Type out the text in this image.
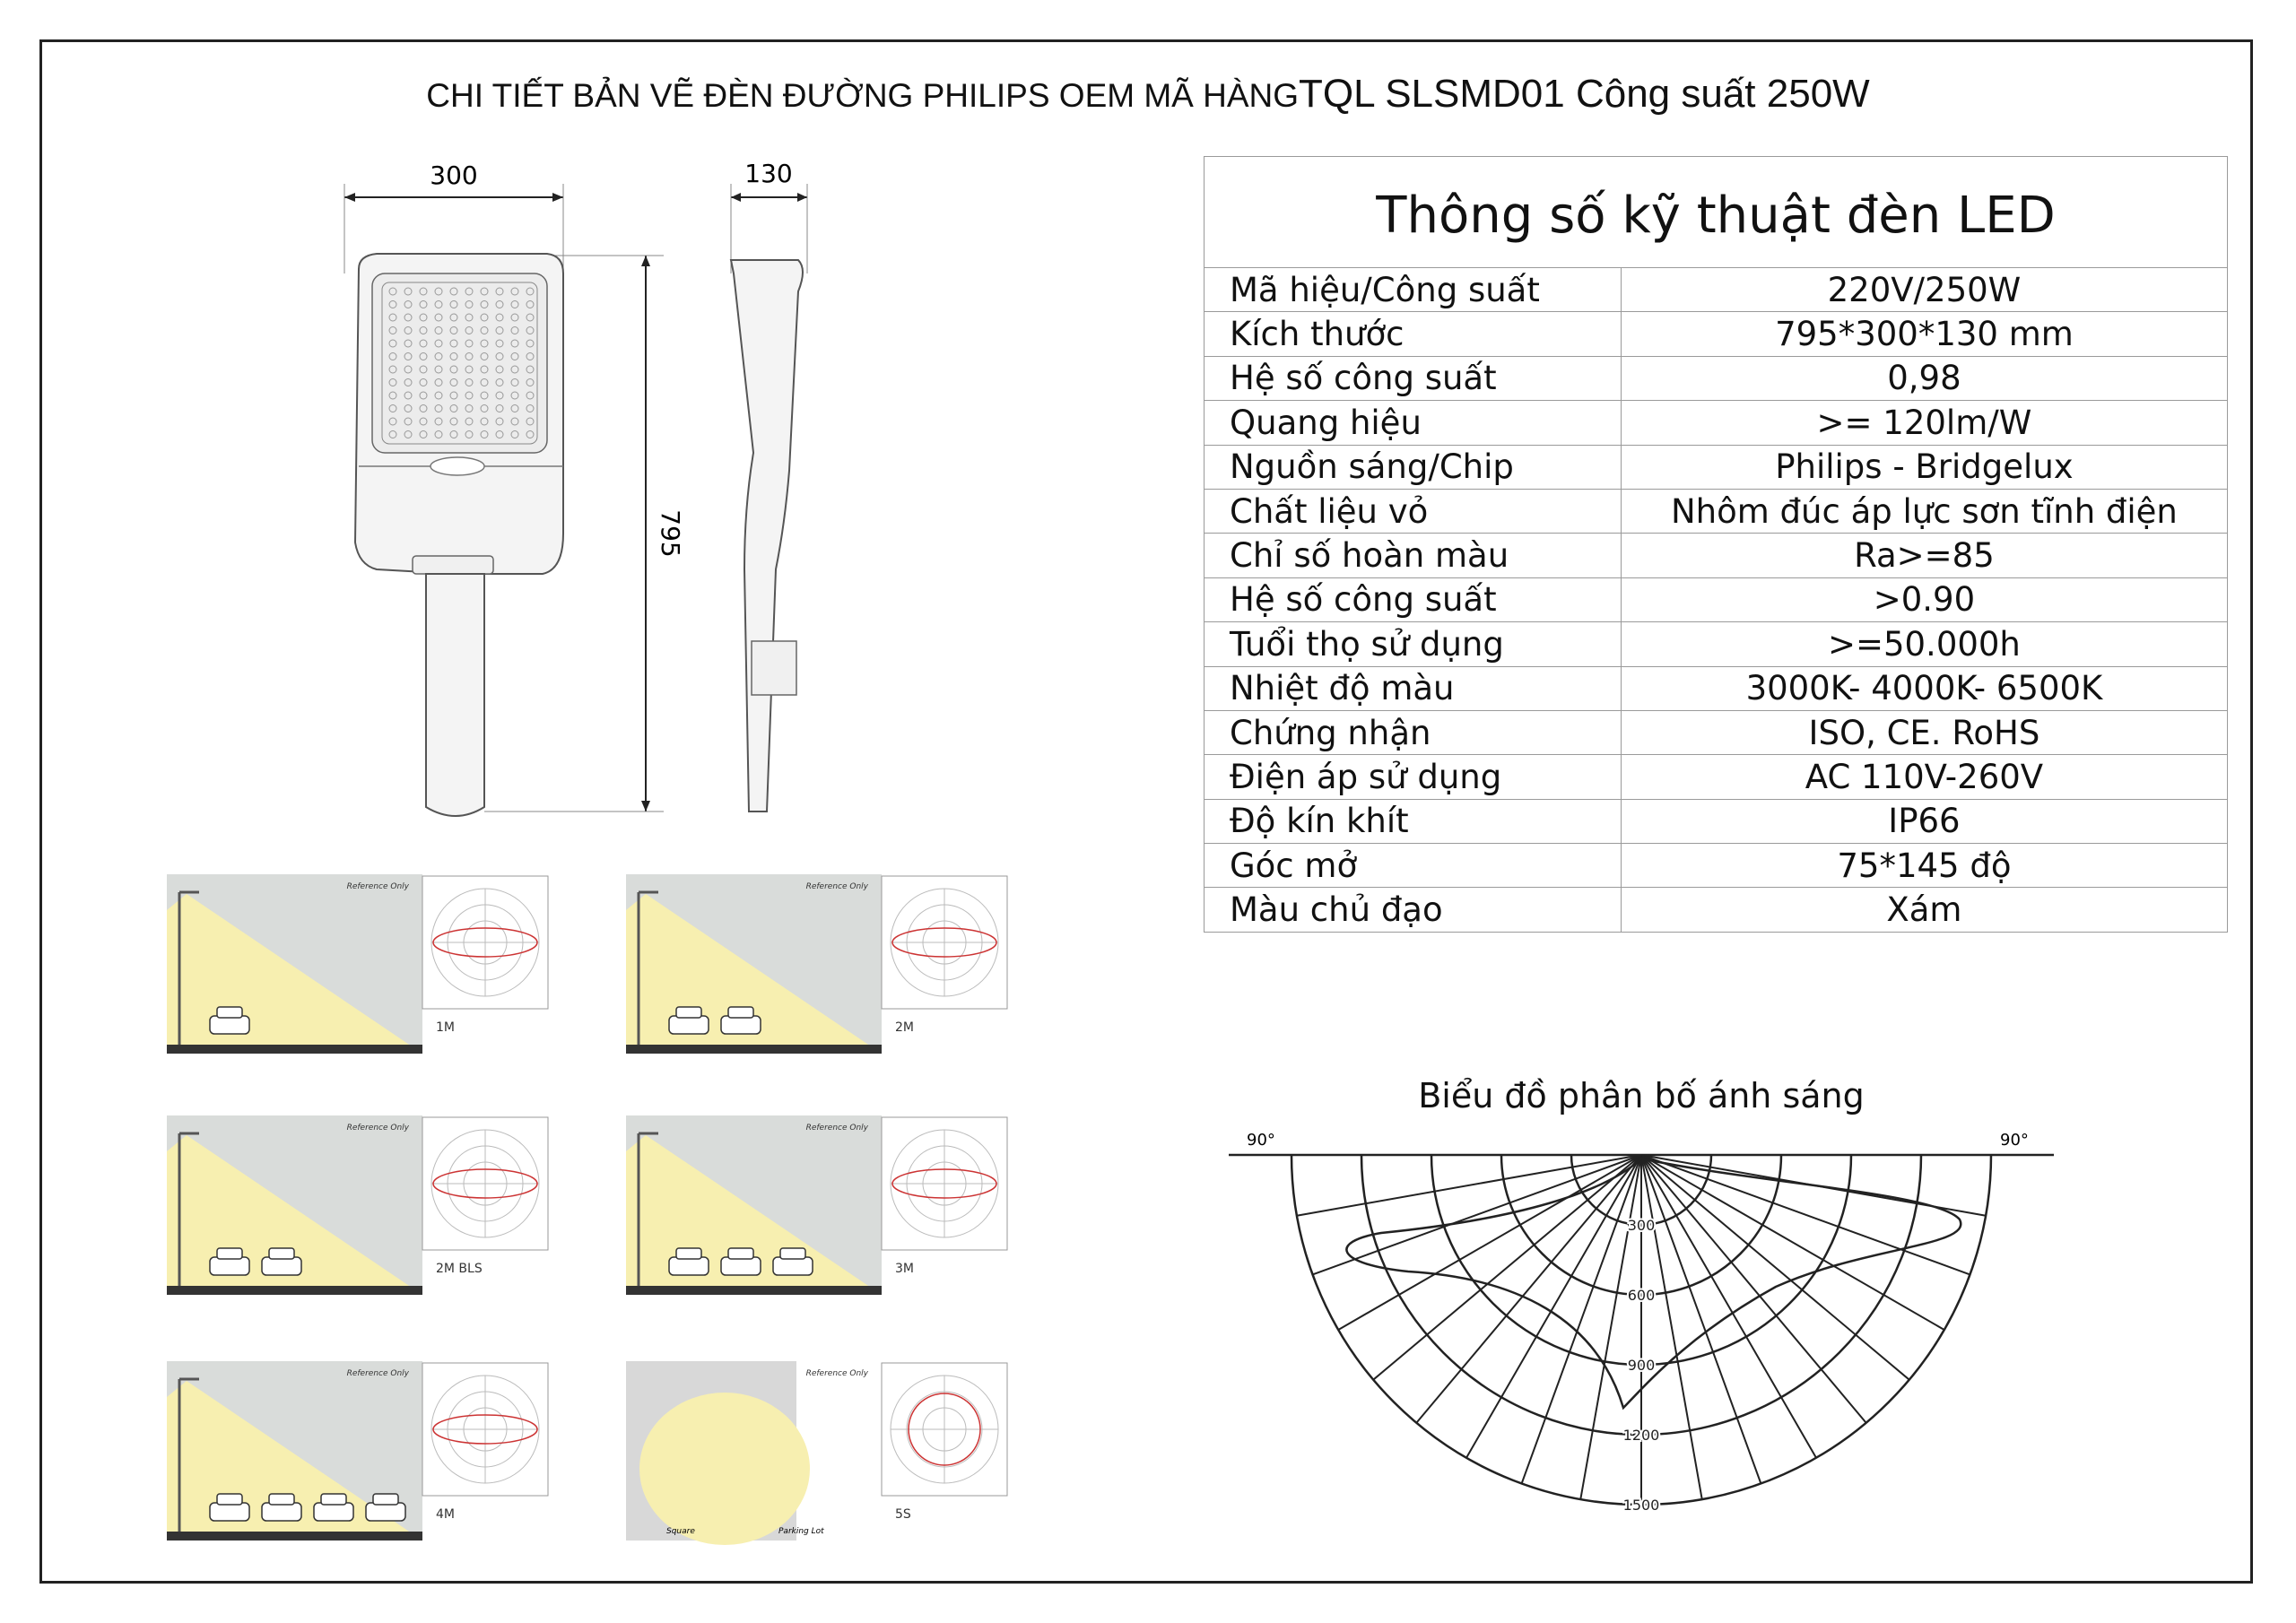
CHI TIẾT BẢN VẼ ĐÈN ĐƯỜNG PHILIPS OEM MÃ HÀNGTQL SLSMD01 Công suất 250W
300	130
795
Thông số kỹ thuật đèn LED	
Mã hiệu/Công suất	220V/250W
Kích thước	795*300*130 mm
Hệ số công suất	0,98
Quang hiệu	>= 120lm/W
Nguồn sáng/Chip	Philips - Bridgelux
Chất liệu vỏ	Nhôm đúc áp lực sơn tĩnh điện
Chỉ số hoàn màu	Ra>=85
Hệ số công suất	>0.90
Tuổi thọ sử dụng	>=50.000h
Nhiệt độ màu	3000K- 4000K- 6500K
Chứng nhận	ISO, CE. RoHS
Điện áp sử dụng	AC 110V-260V
Độ kín khít	IP66
Góc mở	75*145 độ
Màu chủ đạo	Xám
Reference Only
1M
Reference Only
2M
Reference Only
2M BLS
Reference Only
3M
Reference Only
4M
Square	Parking Lot
Reference Only
5S
Biểu đồ phân bố ánh sáng
90°	90°
300
600
900
1200
1500
